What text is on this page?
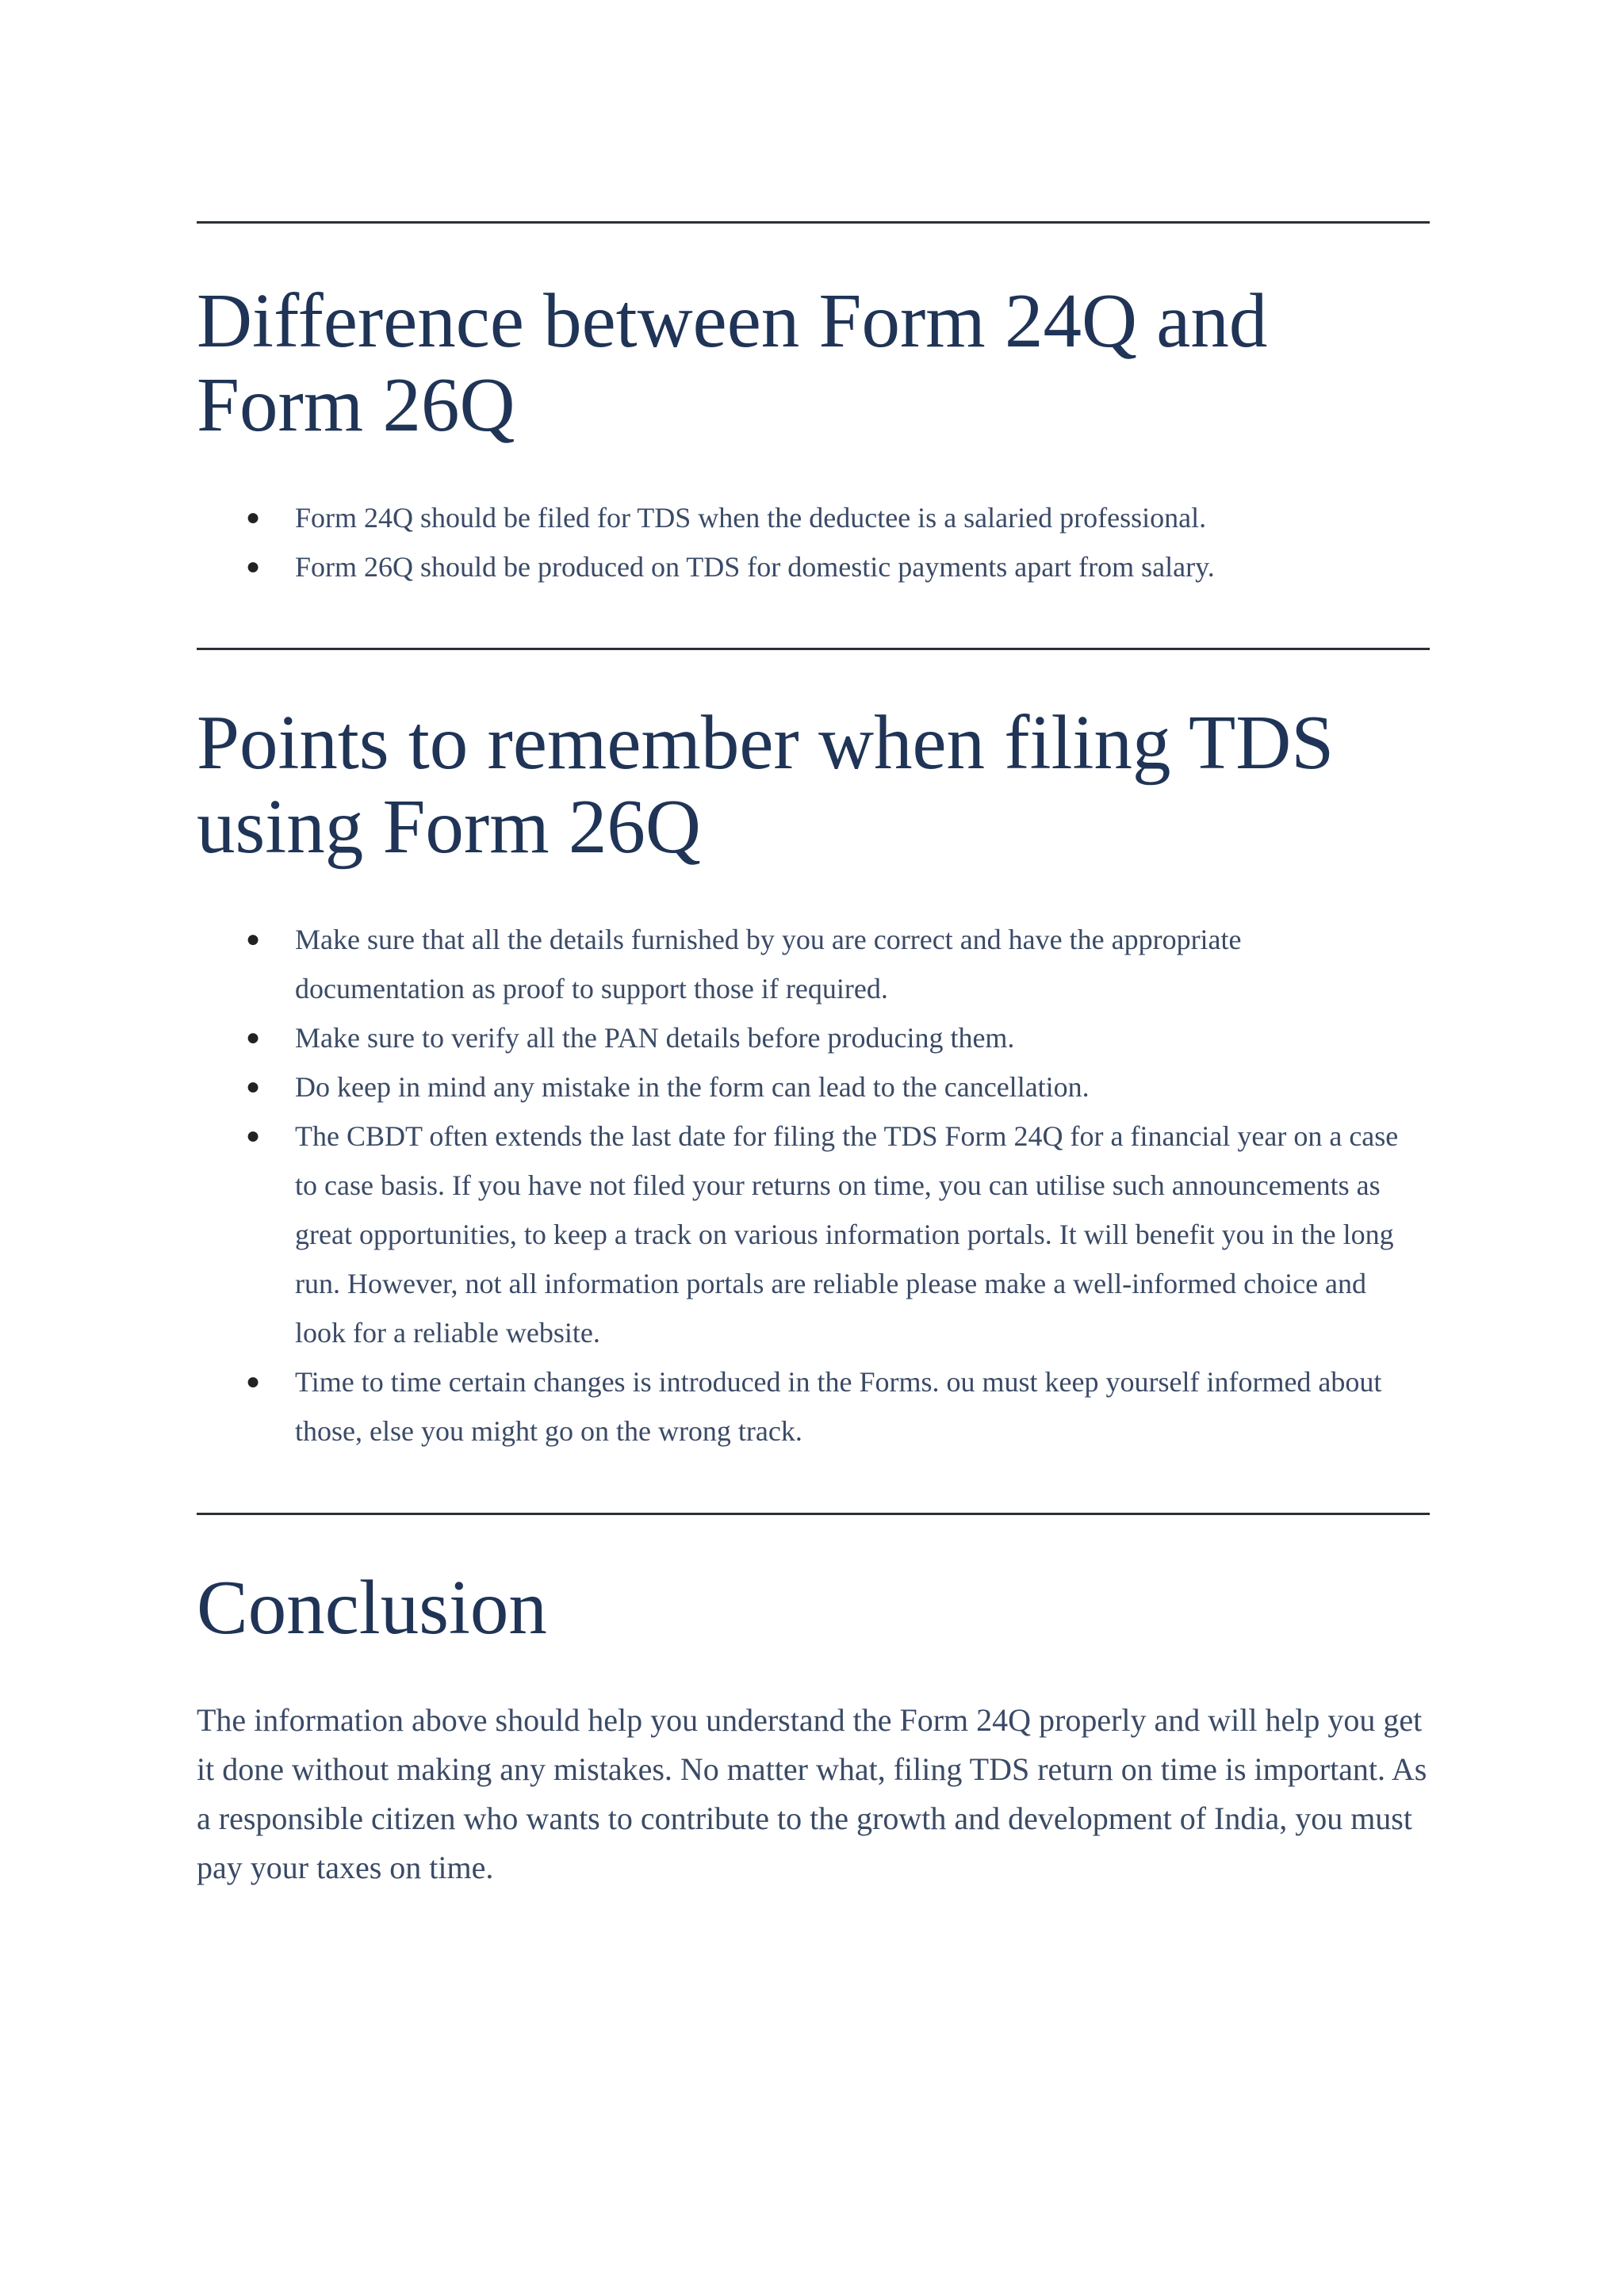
Difference between Form 24Q and Form 26Q
● Form 24Q should be filed for TDS when the deductee is a salaried professional.
● Form 26Q should be produced on TDS for domestic payments apart from salary.
Points to remember when filing TDS using Form 26Q
● Make sure that all the details furnished by you are correct and have the appropriate documentation as proof to support those if required.
● Make sure to verify all the PAN details before producing them.
● Do keep in mind any mistake in the form can lead to the cancellation.
● The CBDT often extends the last date for filing the TDS Form 24Q for a financial year on a case to case basis. If you have not filed your returns on time, you can utilise such announcements as great opportunities, to keep a track on various information portals. It will benefit you in the long run. However, not all information portals are reliable please make a well-informed choice and look for a reliable website.
● Time to time certain changes is introduced in the Forms. ou must keep yourself informed about those, else you might go on the wrong track.
Conclusion

The information above should help you understand the Form 24Q properly and will help you get it done without making any mistakes. No matter what, filing TDS return on time is important. As a responsible citizen who wants to contribute to the growth and development of India, you must pay your taxes on time.
